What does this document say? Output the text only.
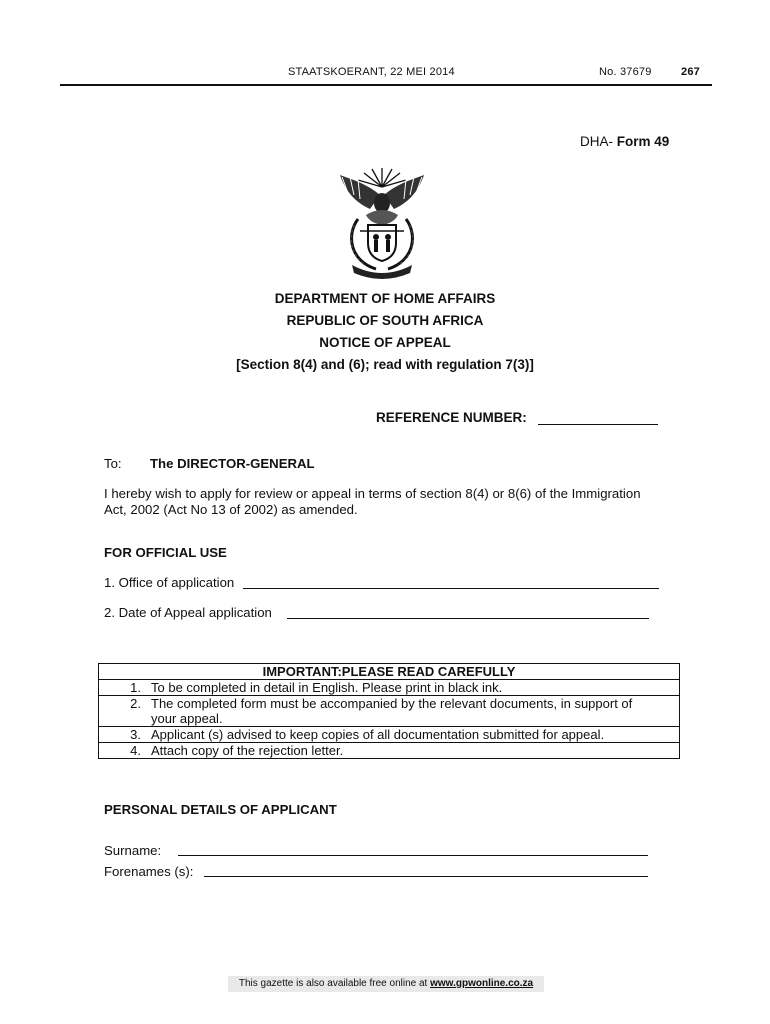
STAATSKOERANT, 22 MEI 2014	No. 37679	267
DHA- Form 49
DEPARTMENT OF HOME AFFAIRS
REPUBLIC OF SOUTH AFRICA
NOTICE OF APPEAL
[Section 8(4) and (6); read with regulation 7(3)]
REFERENCE NUMBER:
To: The DIRECTOR-GENERAL
I hereby wish to apply for review or appeal in terms of section 8(4) or 8(6) of the Immigration
Act, 2002 (Act No 13 of 2002) as amended.
FOR OFFICIAL USE
1. Office of application
2. Date of Appeal application
IMPORTANT:PLEASE READ CAREFULLY	
1.	To be completed in detail in English. Please print in black ink.
2.	The completed form must be accompanied by the relevant documents, in support of
your appeal.
3.	Applicant (s) advised to keep copies of all documentation submitted for appeal.
4.	Attach copy of the rejection letter.
PERSONAL DETAILS OF APPLICANT
Surname:
Forenames (s):
This gazette is also available free online at www.gpwonline.co.za
